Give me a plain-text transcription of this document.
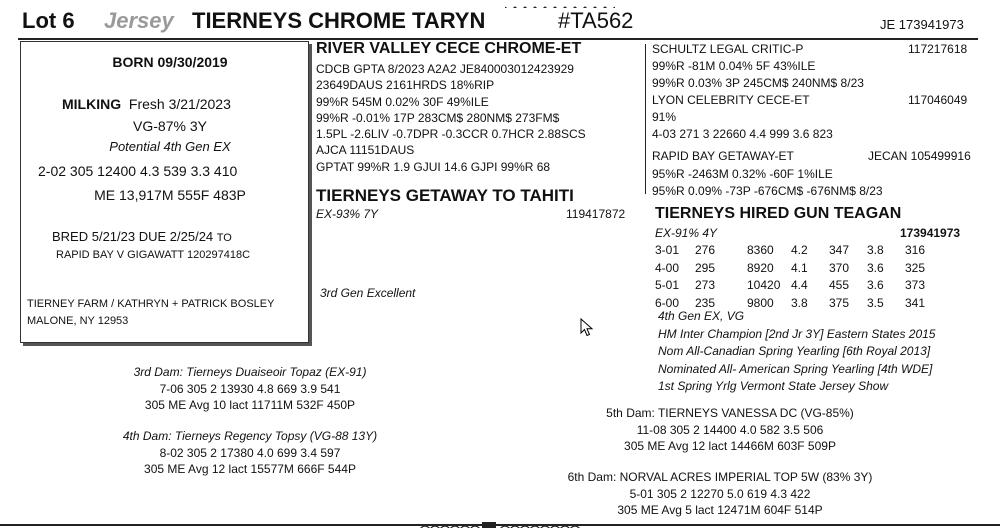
Lot 6 Jersey TIERNEYS CHROME TARYN	#TA562	JE 173941973
BORN 09/30/2019
MILKING Fresh 3/21/2023
VG-87% 3Y
Potential 4th Gen EX
2-02 305 12400 4.3 539 3.3 410
ME 13,917M 555F 483P
BRED 5/21/23 DUE 2/25/24 TO
RAPID BAY V GIGAWATT 120297418C
TIERNEY FARM / KATHRYN + PATRICK BOSLEY
MALONE, NY 12953
RIVER VALLEY CECE CHROME-ET
CDCB GPTA 8/2023 A2A2 JE840003012423929
23649DAUS 2161HRDS 18%RIP
99%R 545M 0.02% 30F 49%ILE
99%R -0.01% 17P 283CM$ 280NM$ 273FM$
1.5PL -2.6LIV -0.7DPR -0.3CCR 0.7HCR 2.88SCS
AJCA 11151DAUS
GPTAT 99%R 1.9 GJUI 14.6 GJPI 99%R 68
SCHULTZ LEGAL CRITIC-P	117217618
99%R -81M 0.04% 5F 43%ILE
99%R 0.03% 3P 245CM$ 240NM$ 8/23
LYON CELEBRITY CECE-ET	117046049
91%
4-03 271 3 22660 4.4 999 3.6 823
RAPID BAY GETAWAY-ET	JECAN 105499916
95%R -2463M 0.32% -60F 1%ILE
95%R 0.09% -73P -676CM$ -676NM$ 8/23
TIERNEYS GETAWAY TO TAHITI
EX-93% 7Y	119417872
3rd Gen Excellent
TIERNEYS HIRED GUN TEAGAN
EX-91% 4Y	173941973
3-01	276	8360	4.2	347	3.8	316
4-00	295	8920	4.1	370	3.6	325
5-01	273	10420 4.4	455	3.6	373
6-00	235	9800	3.8	375	3.5	341
4th Gen EX, VG
HM Inter Champion [2nd Jr 3Y] Eastern States 2015
Nom All-Canadian Spring Yearling [6th Royal 2013]
Nominated All- American Spring Yearling [4th WDE]
1st Spring Yrlg Vermont State Jersey Show
3rd Dam: Tierneys Duaiseoir Topaz (EX-91)
7-06 305 2 13930 4.8 669 3.9 541
305 ME Avg 10 lact 11711M 532F 450P
4th Dam: Tierneys Regency Topsy (VG-88 13Y)
8-02 305 2 17380 4.0 699 3.4 597
305 ME Avg 12 lact 15577M 666F 544P
5th Dam: TIERNEYS VANESSA DC (VG-85%)
11-08 305 2 14400 4.0 582 3.5 506
305 ME Avg 12 lact 14466M 603F 509P
6th Dam: NORVAL ACRES IMPERIAL TOP 5W (83% 3Y)
5-01 305 2 12270 5.0 619 4.3 422
305 ME Avg 5 lact 12471M 604F 514P
